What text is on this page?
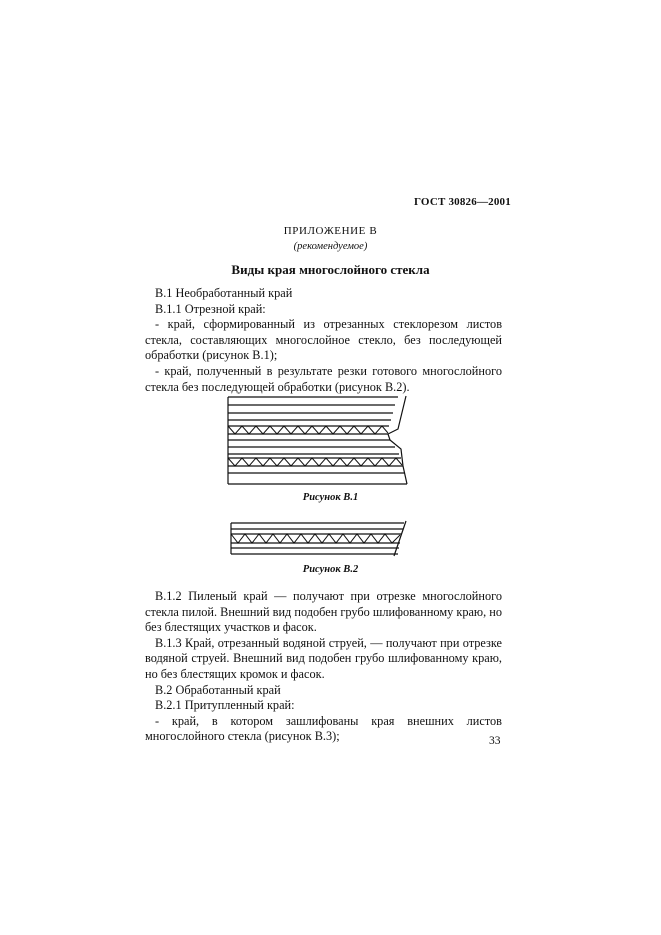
ГОСТ 30826—2001
ПРИЛОЖЕНИЕ В
(рекомендуемое)
Виды края многослойного стекла

В.1 Необработанный край

В.1.1 Отрезной край:

- край, сформированный из отрезанных стеклорезом листов стекла, составляющих многослойное стекло, без последующей обработки (рисунок В.1);

- край, полученный в результате резки готового многослойного стекла без последующей обработки (рисунок В.2).

Рисунок В.1
Рисунок В.2

В.1.2 Пиленый край — получают при отрезке многослойного стекла пилой. Внешний вид подобен грубо шлифованному краю, но без блестящих участков и фасок.

В.1.3 Край, отрезанный водяной струей, — получают при отрезке водяной струей. Внешний вид подобен грубо шлифованному краю, но без блестящих кромок и фасок.

В.2 Обработанный край

В.2.1 Притупленный край:

- край, в котором зашлифованы края внешних листов многослойного стекла (рисунок В.3);	33
